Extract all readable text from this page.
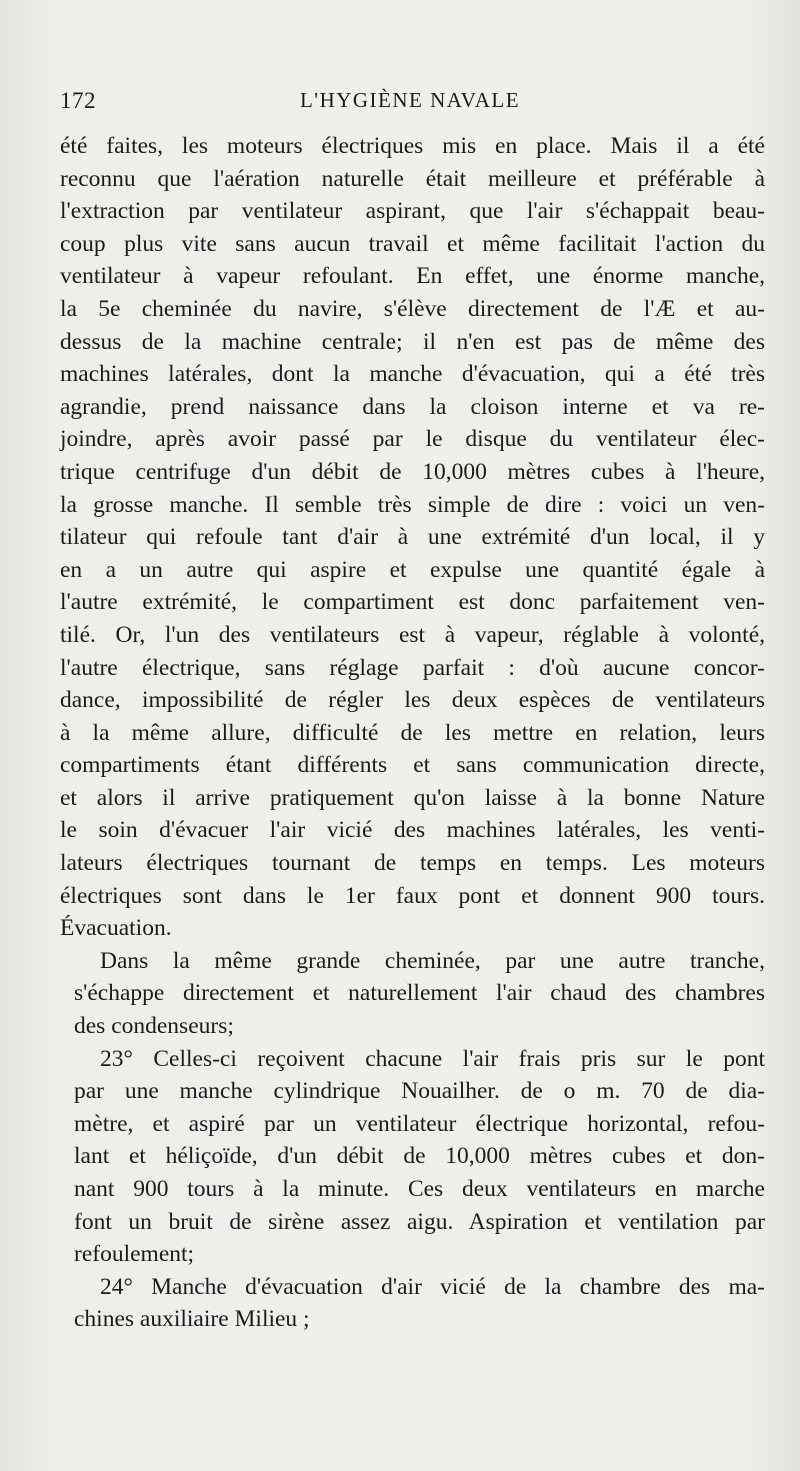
172	L'HYGIÈNE NAVALE
été faites, les moteurs électriques mis en place. Mais il a été
reconnu que l'aération naturelle était meilleure et préférable à
l'extraction par ventilateur aspirant, que l'air s'échappait beau-
coup plus vite sans aucun travail et même facilitait l'action du
ventilateur à vapeur refoulant. En effet, une énorme manche,
la 5e cheminée du navire, s'élève directement de l'Æ et au-
dessus de la machine centrale; il n'en est pas de même des
machines latérales, dont la manche d'évacuation, qui a été très
agrandie, prend naissance dans la cloison interne et va re-
joindre, après avoir passé par le disque du ventilateur élec-
trique centrifuge d'un débit de 10,000 mètres cubes à l'heure,
la grosse manche. Il semble très simple de dire : voici un ven-
tilateur qui refoule tant d'air à une extrémité d'un local, il y
en a un autre qui aspire et expulse une quantité égale à
l'autre extrémité, le compartiment est donc parfaitement ven-
tilé. Or, l'un des ventilateurs est à vapeur, réglable à volonté,
l'autre électrique, sans réglage parfait : d'où aucune concor-
dance, impossibilité de régler les deux espèces de ventilateurs
à la même allure, difficulté de les mettre en relation, leurs
compartiments étant différents et sans communication directe,
et alors il arrive pratiquement qu'on laisse à la bonne Nature
le soin d'évacuer l'air vicié des machines latérales, les venti-
lateurs électriques tournant de temps en temps. Les moteurs
électriques sont dans le 1er faux pont et donnent 900 tours.
Évacuation.
Dans la même grande cheminée, par une autre tranche,
s'échappe directement et naturellement l'air chaud des chambres
des condenseurs;
23° Celles-ci reçoivent chacune l'air frais pris sur le pont
par une manche cylindrique Nouailher. de o m. 70 de dia-
mètre, et aspiré par un ventilateur électrique horizontal, refou-
lant et héliçoïde, d'un débit de 10,000 mètres cubes et don-
nant 900 tours à la minute. Ces deux ventilateurs en marche
font un bruit de sirène assez aigu. Aspiration et ventilation par
refoulement;
24° Manche d'évacuation d'air vicié de la chambre des ma-
chines auxiliaire Milieu ;
